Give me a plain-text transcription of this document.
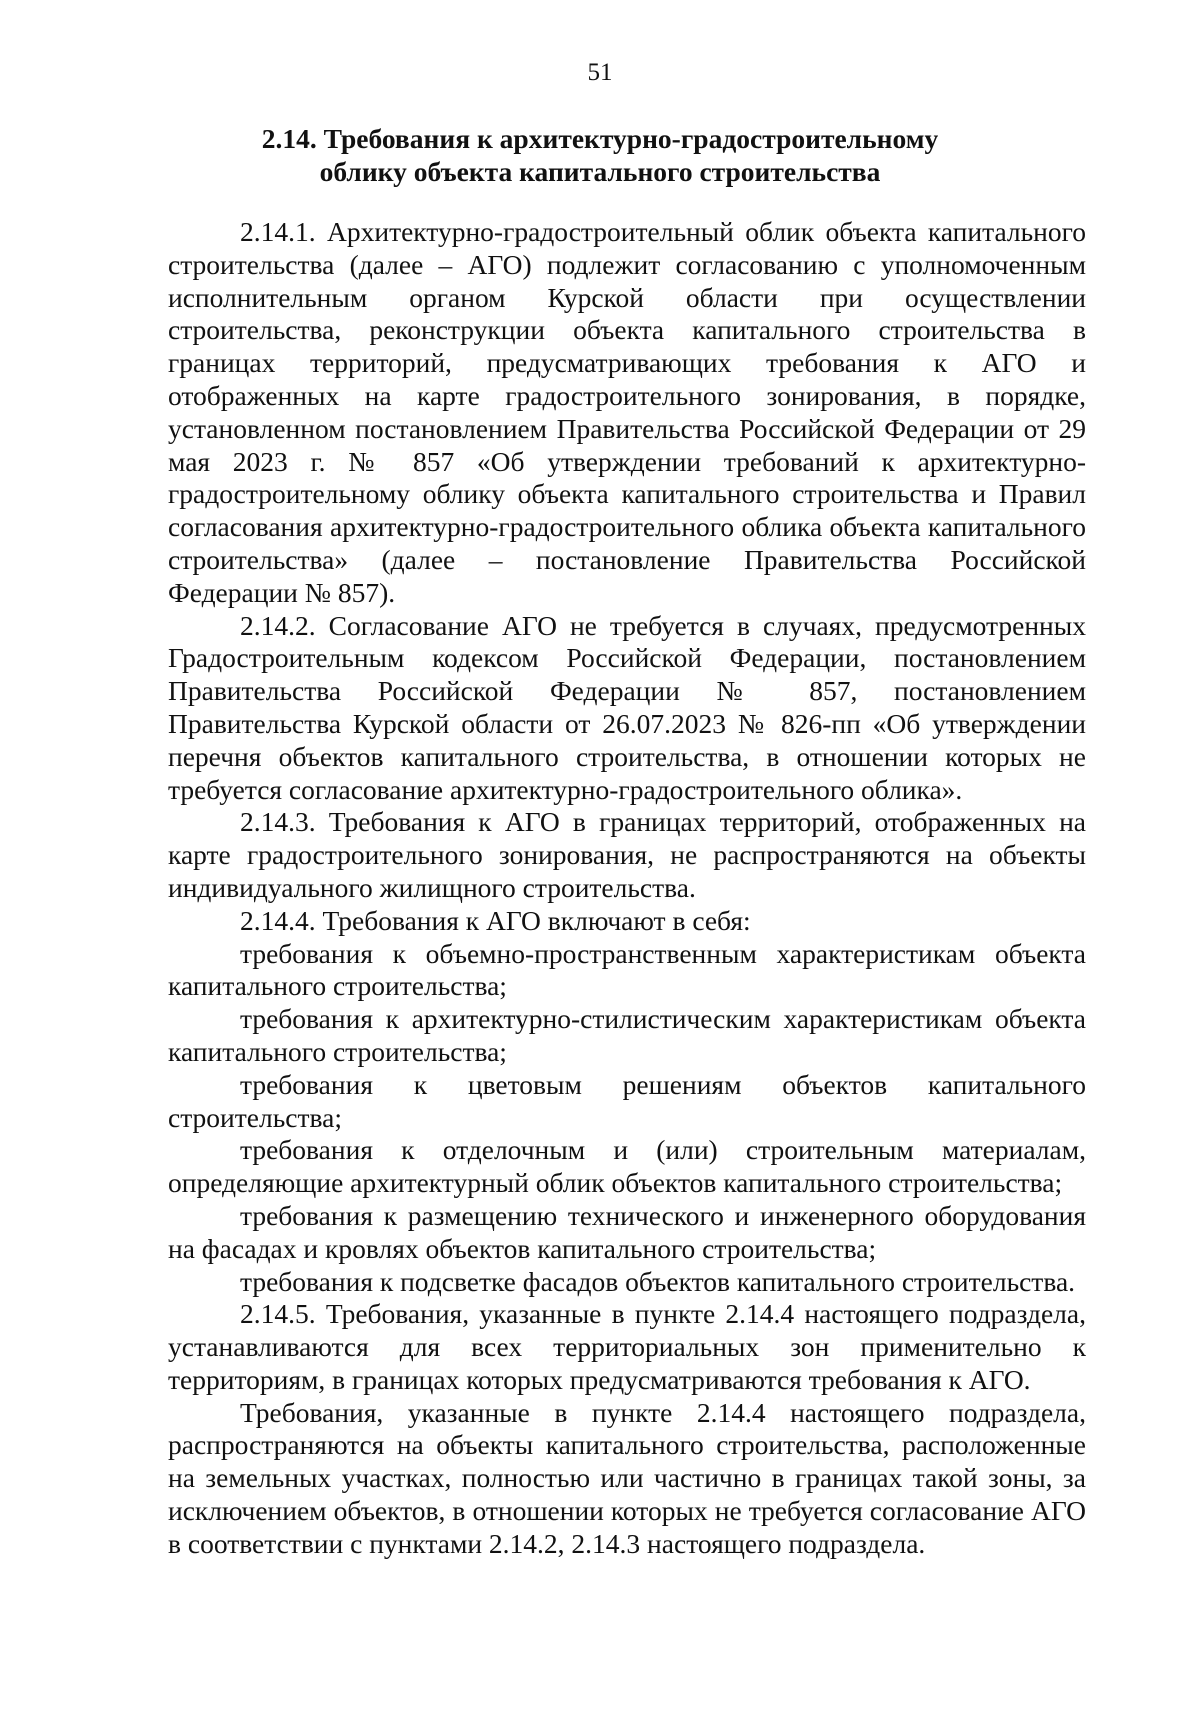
51
2.14. Требования к архитектурно-градостроительному
облику объекта капитального строительства

2.14.1. Архитектурно-градостроительный облик объекта капитального строительства (далее – АГО) подлежит согласованию с уполномоченным исполнительным органом Курской области при осуществлении строительства, реконструкции объекта капитального строительства в границах территорий, предусматривающих требования к АГО и отображенных на карте градостроительного зонирования, в порядке, установленном постановлением Правительства Российской Федерации от 29 мая 2023 г. № 857 «Об утверждении требований к архитектурно-градостроительному облику объекта капитального строительства и Правил согласования архитектурно-градостроительного облика объекта капитального строительства» (далее – постановление Правительства Российской Федерации № 857).

2.14.2. Согласование АГО не требуется в случаях, предусмотренных Градостроительным кодексом Российской Федерации, постановлением Правительства Российской Федерации № 857, постановлением Правительства Курской области от 26.07.2023 № 826-пп «Об утверждении перечня объектов капитального строительства, в отношении которых не требуется согласование архитектурно-градостроительного облика».

2.14.3. Требования к АГО в границах территорий, отображенных на карте градостроительного зонирования, не распространяются на объекты индивидуального жилищного строительства.

2.14.4. Требования к АГО включают в себя:

требования к объемно-пространственным характеристикам объекта капитального строительства;

требования к архитектурно-стилистическим характеристикам объекта капитального строительства;

требования к цветовым решениям объектов капитального строительства;

требования к отделочным и (или) строительным материалам, определяющие архитектурный облик объектов капитального строительства;

требования к размещению технического и инженерного оборудования на фасадах и кровлях объектов капитального строительства;

требования к подсветке фасадов объектов капитального строительства.

2.14.5. Требования, указанные в пункте 2.14.4 настоящего подраздела, устанавливаются для всех территориальных зон применительно к территориям, в границах которых предусматриваются требования к АГО.

Требования, указанные в пункте 2.14.4 настоящего подраздела, распространяются на объекты капитального строительства, расположенные на земельных участках, полностью или частично в границах такой зоны, за исключением объектов, в отношении которых не требуется согласование АГО в соответствии с пунктами 2.14.2, 2.14.3 настоящего подраздела.
